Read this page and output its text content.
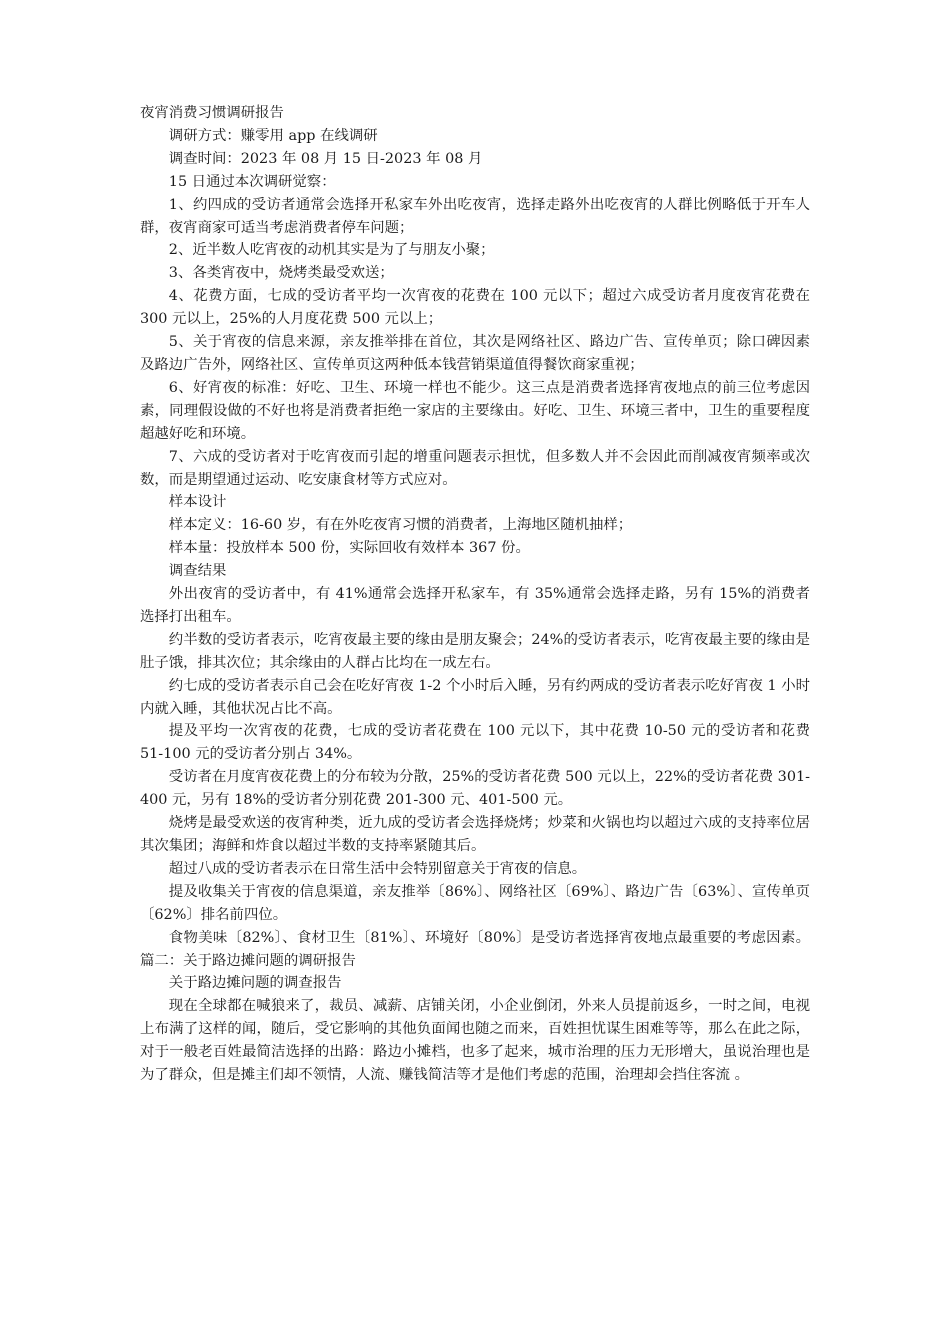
夜宵消费习惯调研报告

调研方式：赚零用 app 在线调研

调查时间：2023 年 08 月 15 日-2023 年 08 月

15 日通过本次调研觉察：

1、约四成的受访者通常会选择开私家车外出吃夜宵，选择走路外出吃夜宵的人群比例略低于开车人群，夜宵商家可适当考虑消费者停车问题；

2、近半数人吃宵夜的动机其实是为了与朋友小聚；

3、各类宵夜中，烧烤类最受欢送；

4、花费方面，七成的受访者平均一次宵夜的花费在 100 元以下；超过六成受访者月度夜宵花费在 300 元以上，25%的人月度花费 500 元以上；

5、关于宵夜的信息来源，亲友推举排在首位，其次是网络社区、路边广告、宣传单页；除口碑因素及路边广告外，网络社区、宣传单页这两种低本钱营销渠道值得餐饮商家重视；

6、好宵夜的标准：好吃、卫生、环境一样也不能少。这三点是消费者选择宵夜地点的前三位考虑因素，同理假设做的不好也将是消费者拒绝一家店的主要缘由。好吃、卫生、环境三者中，卫生的重要程度超越好吃和环境。

7、六成的受访者对于吃宵夜而引起的增重问题表示担忧，但多数人并不会因此而削减夜宵频率或次数，而是期望通过运动、吃安康食材等方式应对。

样本设计

样本定义：16-60 岁，有在外吃夜宵习惯的消费者，上海地区随机抽样；

样本量：投放样本 500 份，实际回收有效样本 367 份。

调查结果

外出夜宵的受访者中，有 41%通常会选择开私家车，有 35%通常会选择走路，另有 15%的消费者选择打出租车。

约半数的受访者表示，吃宵夜最主要的缘由是朋友聚会；24%的受访者表示，吃宵夜最主要的缘由是肚子饿，排其次位；其余缘由的人群占比均在一成左右。

约七成的受访者表示自己会在吃好宵夜 1-2 个小时后入睡，另有约两成的受访者表示吃好宵夜 1 小时内就入睡，其他状况占比不高。

提及平均一次宵夜的花费，七成的受访者花费在 100 元以下，其中花费 10-50 元的受访者和花费 51-100 元的受访者分别占 34%。

受访者在月度宵夜花费上的分布较为分散，25%的受访者花费 500 元以上，22%的受访者花费 301-400 元，另有 18%的受访者分别花费 201-300 元、401-500 元。

烧烤是最受欢送的夜宵种类，近九成的受访者会选择烧烤；炒菜和火锅也均以超过六成的支持率位居其次集团；海鲜和炸食以超过半数的支持率紧随其后。

超过八成的受访者表示在日常生活中会特别留意关于宵夜的信息。

提及收集关于宵夜的信息渠道，亲友推举〔86%〕、网络社区〔69%〕、路边广告〔63%〕、宣传单页〔62%〕排名前四位。

食物美味〔82%〕、食材卫生〔81%〕、环境好〔80%〕是受访者选择宵夜地点最重要的考虑因素。篇二：关于路边摊问题的调研报告

关于路边摊问题的调查报告

现在全球都在喊狼来了，裁员、减薪、店铺关闭，小企业倒闭，外来人员提前返乡，一时之间，电视上布满了这样的闻，随后，受它影响的其他负面闻也随之而来，百姓担忧谋生困难等等，那么在此之际，对于一般老百姓最简洁选择的出路：路边小摊档，也多了起来，城市治理的压力无形增大，虽说治理也是为了群众，但是摊主们却不领情，人流、赚钱简洁等才是他们考虑的范围，治理却会挡住客流 。
